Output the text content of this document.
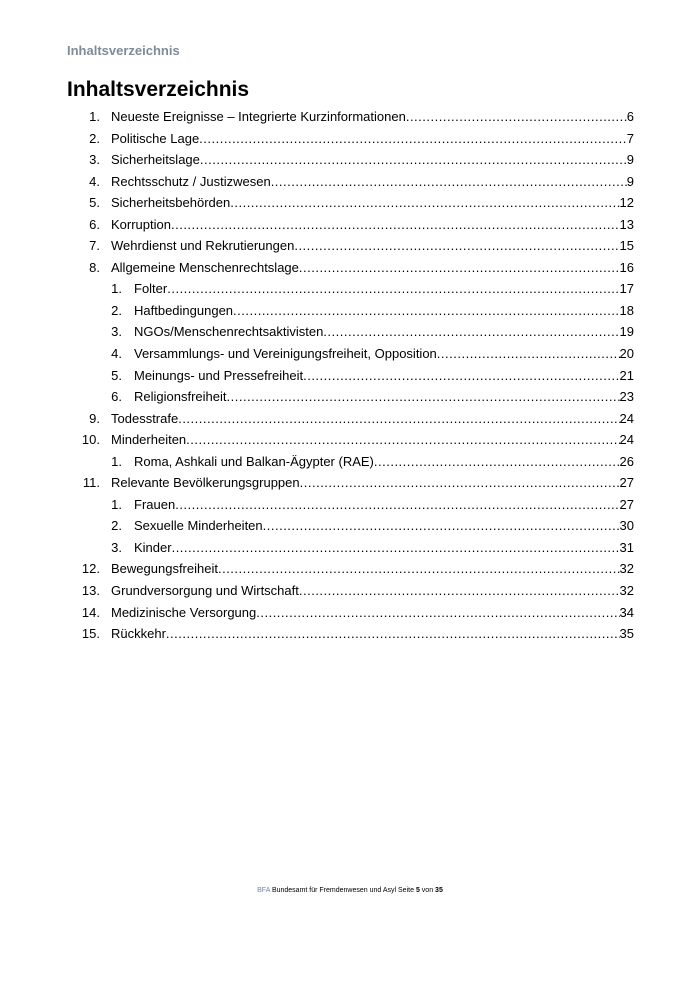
Inhaltsverzeichnis
Inhaltsverzeichnis
1. Neueste Ereignisse – Integrierte Kurzinformationen .....	6
2. Politische Lage .....	7
3. Sicherheitslage .....	9
4. Rechtsschutz / Justizwesen .....	9
5. Sicherheitsbehörden .....	12
6. Korruption .....	13
7. Wehrdienst und Rekrutierungen .....	15
8. Allgemeine Menschenrechtslage .....	16
1. Folter .....	17
2. Haftbedingungen .....	18
3. NGOs/Menschenrechtsaktivisten .....	19
4. Versammlungs- und Vereinigungsfreiheit, Opposition .....	20
5. Meinungs- und Pressefreiheit .....	21
6. Religionsfreiheit .....	23
9. Todesstrafe .....	24
10. Minderheiten .....	24
1. Roma, Ashkali und Balkan-Ägypter (RAE) .....	26
11. Relevante Bevölkerungsgruppen .....	27
1. Frauen .....	27
2. Sexuelle Minderheiten .....	30
3. Kinder .....	31
12. Bewegungsfreiheit .....	32
13. Grundversorgung und Wirtschaft .....	32
14. Medizinische Versorgung .....	34
15. Rückkehr .....	35
BFA Bundesamt für Fremdenwesen und Asyl Seite 5 von 35
